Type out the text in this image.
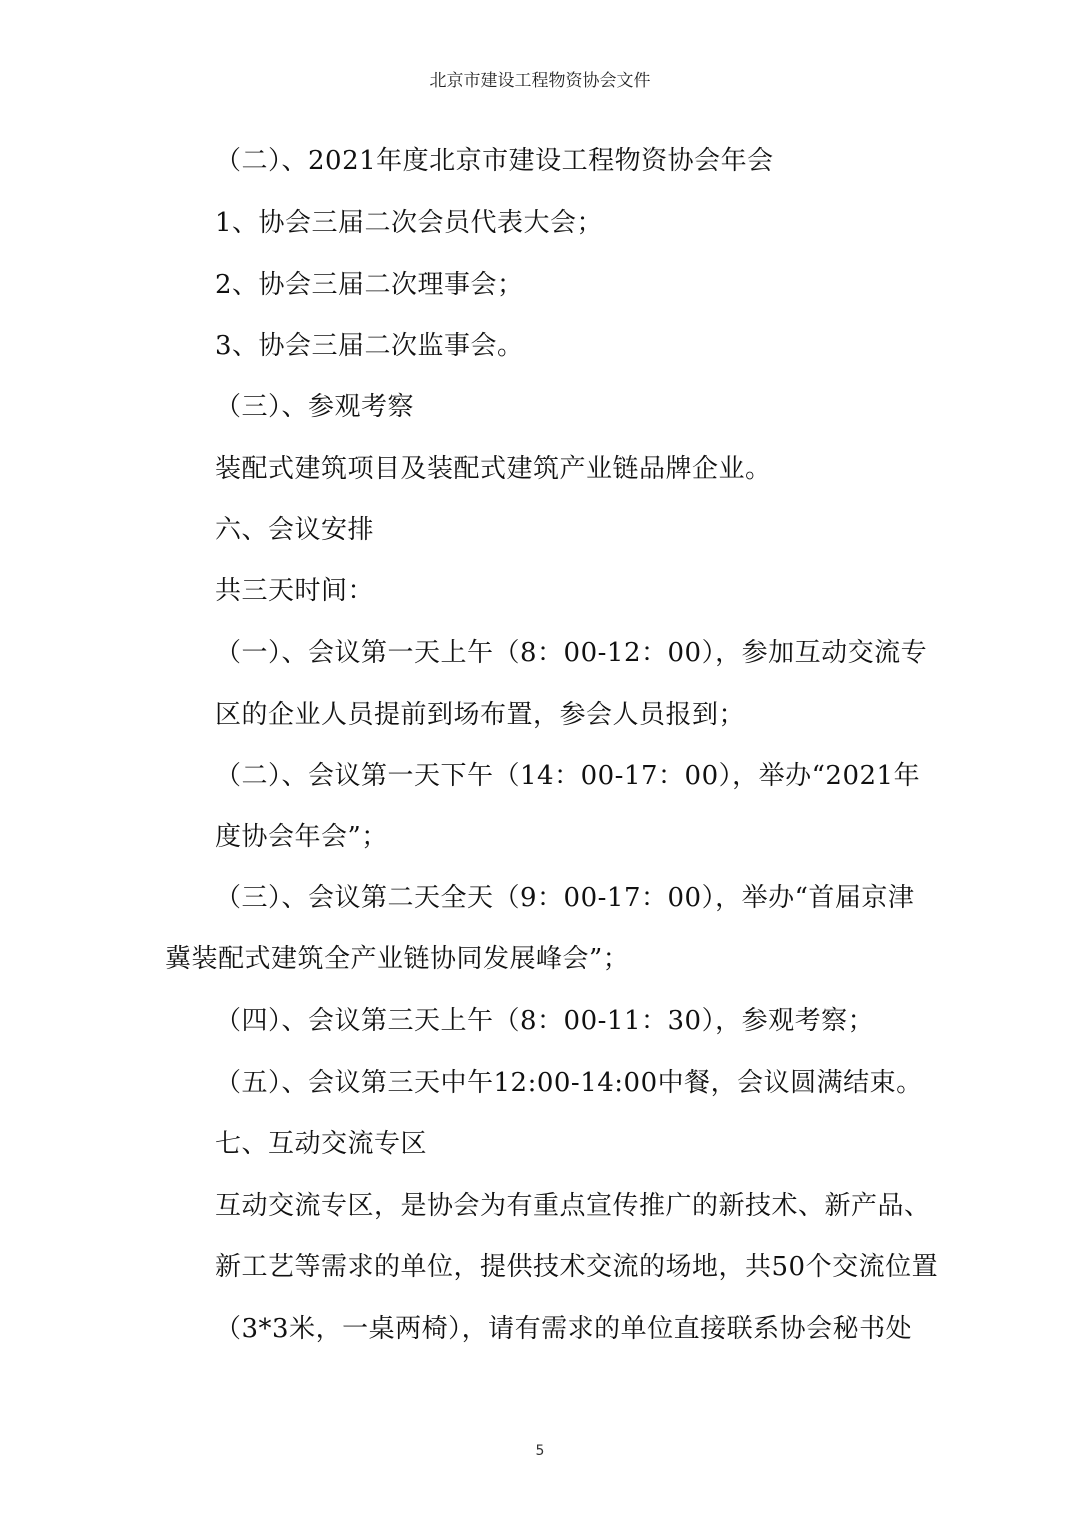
北京市建设工程物资协会文件
（二）、2021年度北京市建设工程物资协会年会
1、协会三届二次会员代表大会；
2、协会三届二次理事会；
3、协会三届二次监事会。
（三）、参观考察
装配式建筑项目及装配式建筑产业链品牌企业。
六、会议安排
共三天时间：
（一）、会议第一天上午（8：00-12：00），参加互动交流专
区的企业人员提前到场布置，参会人员报到；
（二）、会议第一天下午（14：00-17：00），举办“2021年
度协会年会”；
（三）、会议第二天全天（9：00-17：00），举办“首届京津
冀装配式建筑全产业链协同发展峰会”；
（四）、会议第三天上午（8：00-11：30），参观考察；
（五）、会议第三天中午12:00-14:00中餐，会议圆满结束。
七、互动交流专区
互动交流专区，是协会为有重点宣传推广的新技术、新产品、
新工艺等需求的单位，提供技术交流的场地，共50个交流位置
（3*3米，一桌两椅），请有需求的单位直接联系协会秘书处
5
